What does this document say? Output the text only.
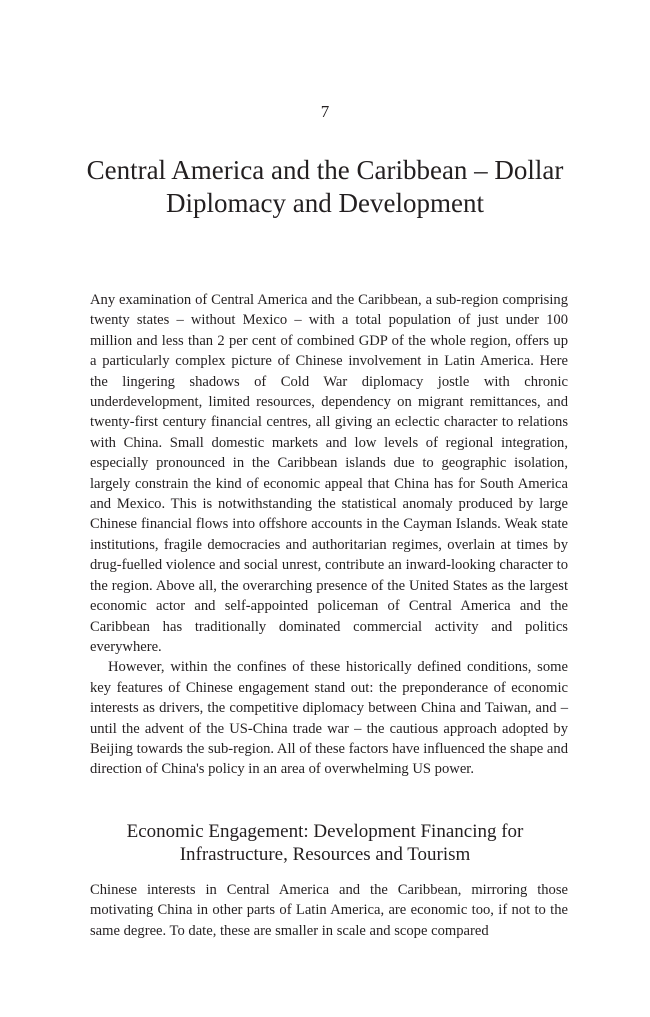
7

Central America and the Caribbean – Dollar
Diplomacy and Development

Any examination of Central America and the Caribbean, a sub-region comprising twenty states – without Mexico – with a total population of just under 100 million and less than 2 per cent of combined GDP of the whole region, offers up a particularly complex picture of Chinese involvement in Latin America. Here the lingering shadows of Cold War diplomacy jostle with chronic underdevelopment, limited resources, dependency on migrant remittances, and twenty-first century financial centres, all giving an eclectic character to relations with China. Small domestic markets and low levels of regional integration, especially pronounced in the Caribbean islands due to geographic isolation, largely constrain the kind of economic appeal that China has for South America and Mexico. This is notwithstanding the statistical anomaly produced by large Chinese financial flows into offshore accounts in the Cayman Islands. Weak state institutions, fragile democracies and authoritarian regimes, overlain at times by drug-fuelled violence and social unrest, contribute an inward-looking character to the region. Above all, the overarching presence of the United States as the largest economic actor and self-appointed policeman of Central America and the Caribbean has traditionally dominated commercial activity and politics everywhere.

However, within the confines of these historically defined conditions, some key features of Chinese engagement stand out: the preponderance of economic interests as drivers, the competitive diplomacy between China and Taiwan, and – until the advent of the US-China trade war – the cautious approach adopted by Beijing towards the sub-region. All of these factors have influenced the shape and direction of China's policy in an area of overwhelming US power.

Economic Engagement: Development Financing for
Infrastructure, Resources and Tourism

Chinese interests in Central America and the Caribbean, mirroring those motivating China in other parts of Latin America, are economic too, if not to the same degree. To date, these are smaller in scale and scope compared
